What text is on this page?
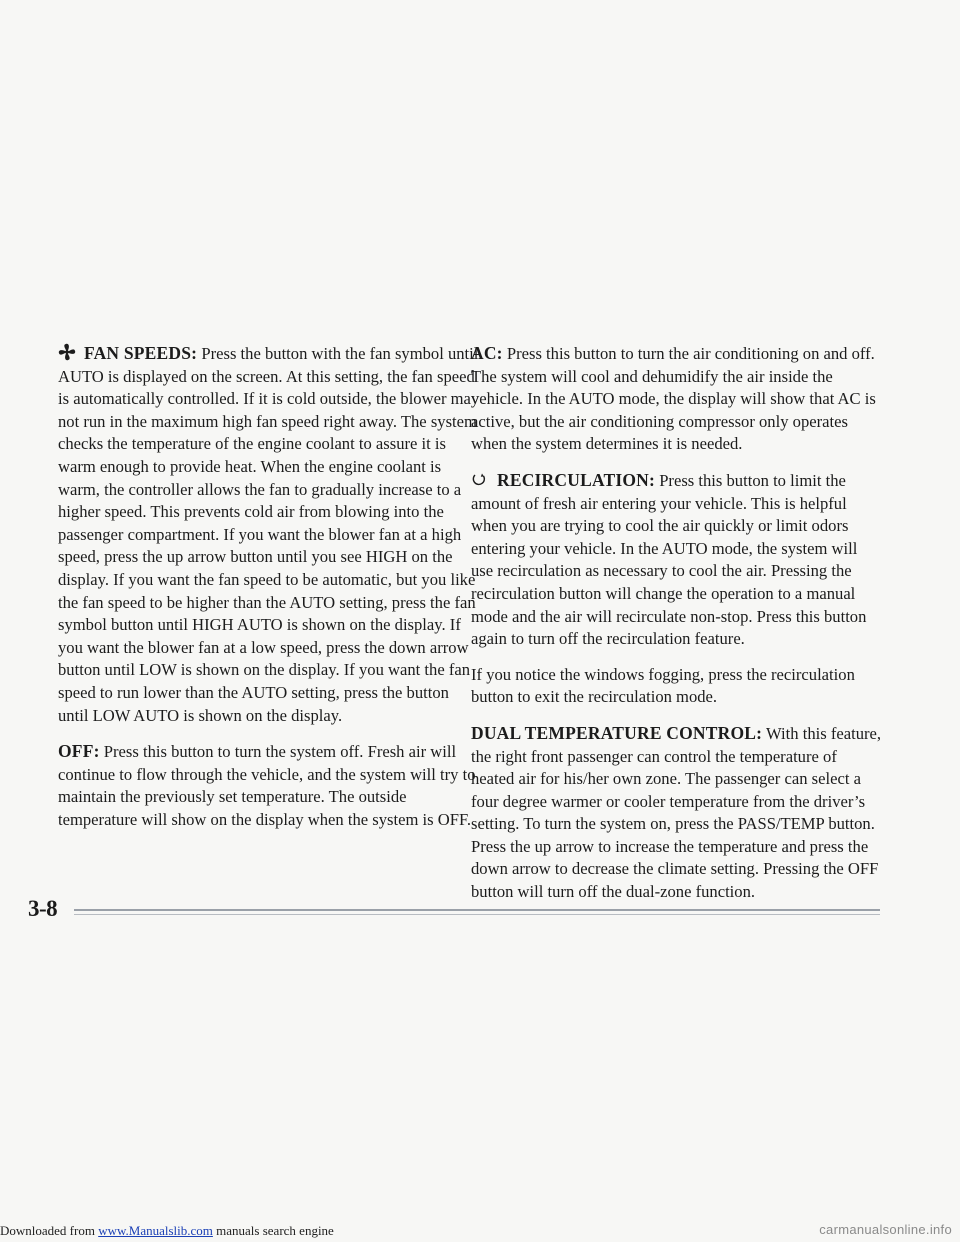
FAN SPEEDS: Press the button with the fan symbol until AUTO is displayed on the screen. At this setting, the fan speed is automatically controlled. If it is cold outside, the blower may not run in the maximum high fan speed right away. The system checks the temperature of the engine coolant to assure it is warm enough to provide heat. When the engine coolant is warm, the controller allows the fan to gradually increase to a higher speed. This prevents cold air from blowing into the passenger compartment. If you want the blower fan at a high speed, press the up arrow button until you see HIGH on the display. If you want the fan speed to be automatic, but you like the fan speed to be higher than the AUTO setting, press the fan symbol button until HIGH AUTO is shown on the display. If you want the blower fan at a low speed, press the down arrow button until LOW is shown on the display. If you want the fan speed to run lower than the AUTO setting, press the button until LOW AUTO is shown on the display.

OFF: Press this button to turn the system off. Fresh air will continue to flow through the vehicle, and the system will try to maintain the previously set temperature. The outside temperature will show on the display when the system is OFF.

AC: Press this button to turn the air conditioning on and off. The system will cool and dehumidify the air inside the vehicle. In the AUTO mode, the display will show that AC is active, but the air conditioning compressor only operates when the system determines it is needed.

RECIRCULATION: Press this button to limit the amount of fresh air entering your vehicle. This is helpful when you are trying to cool the air quickly or limit odors entering your vehicle. In the AUTO mode, the system will use recirculation as necessary to cool the air. Pressing the recirculation button will change the operation to a manual mode and the air will recirculate non-stop. Press this button again to turn off the recirculation feature.

If you notice the windows fogging, press the recirculation button to exit the recirculation mode.

DUAL TEMPERATURE CONTROL: With this feature, the right front passenger can control the temperature of heated air for his/her own zone. The passenger can select a four degree warmer or cooler temperature from the driver’s setting. To turn the system on, press the PASS/TEMP button. Press the up arrow to increase the temperature and press the down arrow to decrease the climate setting. Pressing the OFF button will turn off the dual-zone function.

3-8
Downloaded from www.Manualslib.com manuals search engine	carmanualsonline.info
